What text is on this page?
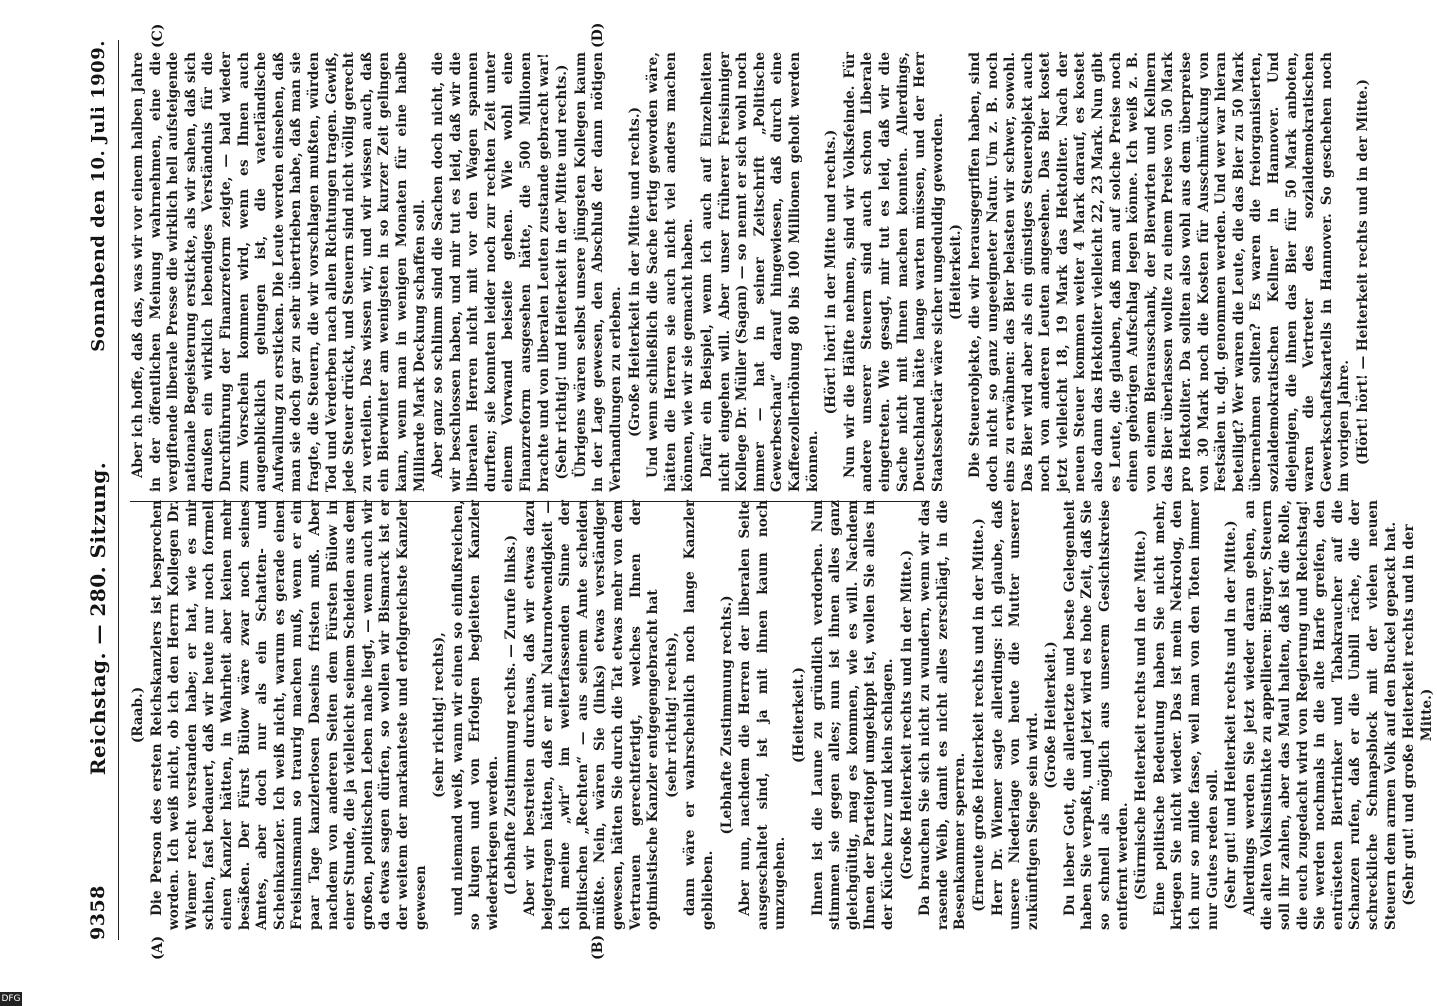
9358
Reichstag. — 280. Sitzung.
Sonnabend den 10. Juli 1909.
(A)	(B)
(C)	(D)

(Raab.) Die Person des ersten Reichskanzlers ist besprochen worden. Ich weiß nicht, ob ich den Herrn Kollegen Dr. Wiemer recht verstanden habe; er hat, wie es mir schien, fast bedauert, daß wir heute nur noch formell einen Kanzler hätten, in Wahrheit aber keinen mehr besäßen. Der Fürst Bülow wäre zwar noch seines Amtes, aber doch nur als ein Schatten- und Scheinkanzler. Ich weiß nicht, warum es gerade einen Freisinnsmann so traurig machen muß, wenn er ein paar Tage kanzlerlosen Daseins fristen muß. Aber nachdem von anderen Seiten dem Fürsten Bülow in einer Stunde, die ja vielleicht seinem Scheiden aus dem großen, politischen Leben nahe liegt, — wenn auch wir da etwas sagen dürfen, so wollen wir Bismarck ist er der weitem der markanteste und erfolgreichste Kanzler gewesen

(sehr richtig! rechts), und niemand weiß, wann wir einen so einflußreichen, so klugen und von Erfolgen begleiteten Kanzler wiederkriegen werden. (Lebhafte Zustimmung rechts. — Zurufe links.) Aber wir bestreiten durchaus, daß wir etwas dazu beigetragen hätten, daß er mit Naturnotwendigkeit — ich meine „wir“ im weiterfassenden Sinne der politischen „Rechten“ — aus seinem Amte scheiden müßte. Nein, wären Sie (links) etwas verständiger gewesen, hätten Sie durch die Tat etwas mehr von dem Vertrauen gerechtfertigt, welches Ihnen der optimistische Kanzler entgegengebracht hat (sehr richtig! rechts), dann wäre er wahrscheinlich noch lange Kanzler geblieben.

(Lebhafte Zustimmung rechts.) Aber nun, nachdem die Herren der liberalen Seite ausgeschaltet sind, ist ja mit ihnen kaum noch umzugehen.

(Heiterkeit.) Ihnen ist die Laune zu gründlich verdorben. Nun stimmen sie gegen alles; nun ist ihnen alles ganz gleichgültig, mag es kommen, wie es will. Nachdem Ihnen der Parteitopf umgekippt ist, wollen Sie alles in der Küche kurz und klein schlagen. (Große Heiterkeit rechts und in der Mitte.) Da brauchen Sie sich nicht zu wundern, wenn wir das rasende Weib, damit es nicht alles zerschlägt, in die Besenkammer sperren. (Erneute große Heiterkeit rechts und in der Mitte.) Herr Dr. Wiemer sagte allerdings: ich glaube, daß unsere Niederlage von heute die Mutter unserer zukünftigen Siege sein wird. (Große Heiterkeit.) Du lieber Gott, die allerletzte und beste Gelegenheit haben Sie verpaßt, und jetzt wird es hohe Zeit, daß Sie so schnell als möglich aus unserem Gesichtskreise entfernt werden. (Stürmische Heiterkeit rechts und in der Mitte.) Eine politische Bedeutung haben Sie nicht mehr, kriegen Sie nicht wieder. Das ist mein Nekrolog, den ich nur so milde fasse, weil man von den Toten immer nur Gutes reden soll. (Sehr gut! und Heiterkeit rechts und in der Mitte.) Allerdings werden Sie jetzt wieder daran gehen, an die alten Volksinstinkte zu appellieren: Bürger, Steuern soll ihr zahlen, aber das Maul halten, daß ist die Rolle, die euch zugedacht wird von Regierung und Reichstag! Sie werden nochmals in die alte Harfe greifen, den entrüsteten Biertrinker und Tabakraucher auf die Schanzen rufen, daß er die Unbill räche, die der schreckliche Schnapsblock mit der vielen neuen Steuern dem armen Volk auf den Buckel gepackt hat. (Sehr gut! und große Heiterkeit rechts und in der Mitte.)

Aber ich hoffe, daß das, was wir vor einem halben Jahre in der öffentlichen Meinung wahrnehmen, eine die vergiftende liberale Presse die wirklich hell aufsteigende nationale Begeisterung erstickte, als wir sahen, daß sich draußen ein wirklich lebendiges Verständnis für die Durchführung der Finanzreform zeigte, — bald wieder zum Vorschein kommen wird, wenn es Ihnen auch augenblicklich gelungen ist, die vaterländische Aufwallung zu ersticken. Die Leute werden einsehen, daß man sie doch gar zu sehr übertrieben habe, daß man sie fragte, die Steuern, die wir vorschlagen mußten, würden Tod und Verderben nach allen Richtungen tragen. Gewiß, jede Steuer drückt, und Steuern sind nicht völlig gerecht zu verteilen. Das wissen wir, und wir wissen auch, daß ein Bierwinter am wenigsten in so kurzer Zeit gelingen kann, wenn man in wenigen Monaten für eine halbe Milliarde Mark Deckung schaffen soll. Aber ganz so schlimm sind die Sachen doch nicht, die wir beschlossen haben, und mir tut es leid, daß wir die liberalen Herren nicht mit vor den Wagen spannen durften; sie konnten leider noch zur rechten Zeit unter einem Vorwand beiseite gehen. Wie wohl eine Finanzreform ausgesehen hätte, die 500 Millionen brachte und von liberalen Leuten zustande gebracht war! (Sehr richtig! und Heiterkeit in der Mitte und rechts.) Übrigens wären selbst unsere jüngsten Kollegen kaum in der Lage gewesen, den Abschluß der dann nötigen Verhandlungen zu erleben. (Große Heiterkeit in der Mitte und rechts.) Und wenn schließlich die Sache fertig geworden wäre, hätten die Herren sie auch nicht viel anders machen können, wie wir sie gemacht haben. Dafür ein Beispiel, wenn ich auch auf Einzelheiten nicht eingehen will. Aber unser früherer Freisinniger Kollege Dr. Müller (Sagan) — so nennt er sich wohl noch immer — hat in seiner Zeitschrift „Politische Gewerbeschau“ darauf hingewiesen, daß durch eine Kaffeezollerhöhung 80 bis 100 Millionen geholt werden können.

(Hört! hört! in der Mitte und rechts.) Nun wir die Hälfte nehmen, sind wir Volksfeinde. Für andere unserer Steuern sind auch schon Liberale eingetreten. Wie gesagt, mir tut es leid, daß wir die Sache nicht mit Ihnen machen konnten. Allerdings, Deutschland hätte lange warten müssen, und der Herr Staatssekretär wäre sicher ungeduldig geworden. (Heiterkeit.) Die Steuerobjekte, die wir herausgegriffen haben, sind doch nicht so ganz ungeeigneter Natur. Um z. B. noch eins zu erwähnen: das Bier belasten wir schwer, sowohl. Das Bier wird aber als ein günstiges Steuerobjekt auch noch von anderen Leuten angesehen. Das Bier kostet jetzt vielleicht 18, 19 Mark das Hektoliter. Nach der neuen Steuer kommen weiter 4 Mark darauf, es kostet also dann das Hektoliter vielleicht 22, 23 Mark. Nun gibt es Leute, die glauben, daß man auf solche Preise noch einen gehörigen Aufschlag legen könne. Ich weiß z. B. von einem Bierausschank, der Bierwirten und Kellnern das Bier überlassen wollte zu einem Preise von 50 Mark pro Hektoliter. Da sollten also wohl aus dem überpreise von 30 Mark noch die Kosten für Ausschmückung von Festsälen u. dgl. genommen werden. Und wer war hieran beteiligt? Wer waren die Leute, die das Bier zu 50 Mark übernehmen sollten? Es waren die freiorganisierten, sozialdemokratischen Kellner in Hannover. Und diejenigen, die ihnen das Bier für 50 Mark anboten, waren die Vertreter des sozialdemokratischen Gewerkschaftskartells in Hannover. So geschehen noch im vorigen Jahre. (Hört! hört! — Heiterkeit rechts und in der Mitte.)

DFG
